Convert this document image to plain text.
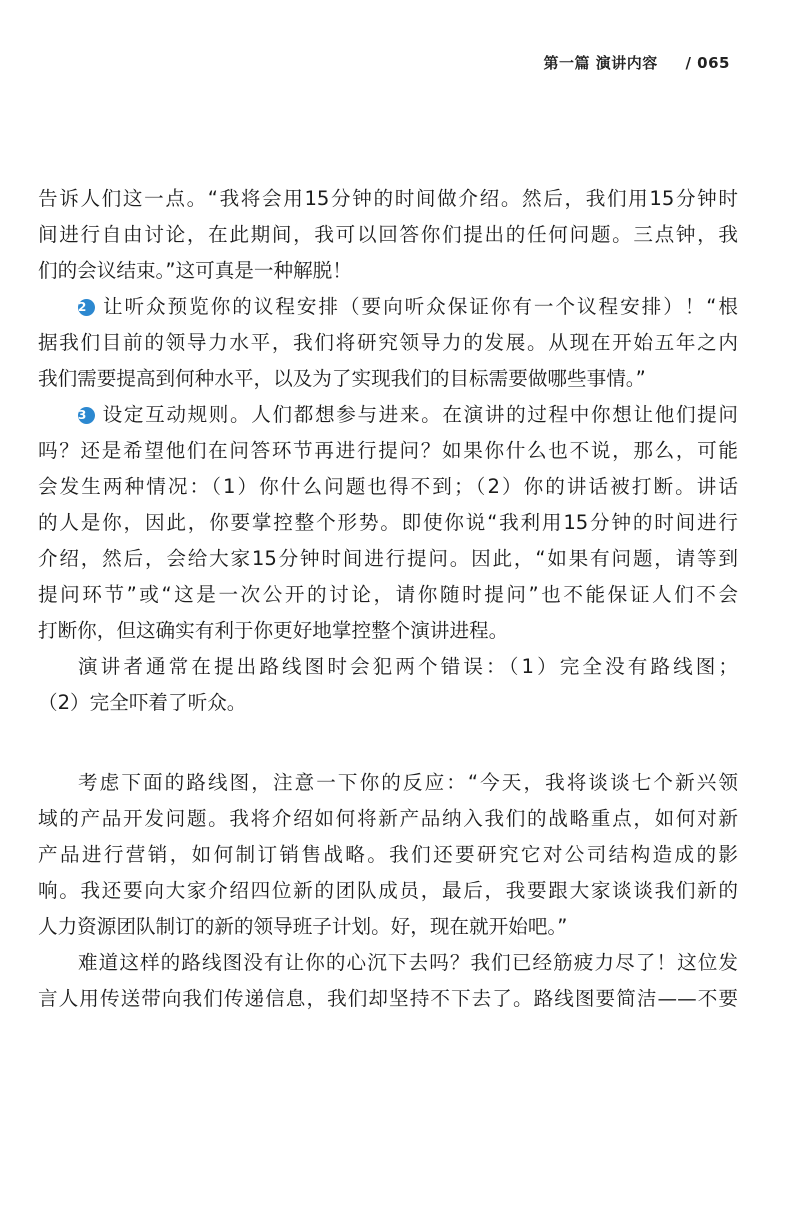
第一篇 演讲内容 / 065
告诉人们这一点。“我将会用15分钟的时间做介绍。然后，我们用15分钟时
间进行自由讨论，在此期间，我可以回答你们提出的任何问题。三点钟，我
们的会议结束。”这可真是一种解脱！
2 让听众预览你的议程安排（要向听众保证你有一个议程安排）！“根
据我们目前的领导力水平，我们将研究领导力的发展。从现在开始五年之内
我们需要提高到何种水平，以及为了实现我们的目标需要做哪些事情。”
3 设定互动规则。人们都想参与进来。在演讲的过程中你想让他们提问
吗？还是希望他们在问答环节再进行提问？如果你什么也不说，那么，可能
会发生两种情况：（1）你什么问题也得不到；（2）你的讲话被打断。讲话
的人是你，因此，你要掌控整个形势。即使你说“我利用15分钟的时间进行
介绍，然后，会给大家15分钟时间进行提问。因此，“如果有问题，请等到
提问环节”或“这是一次公开的讨论，请你随时提问”也不能保证人们不会
打断你，但这确实有利于你更好地掌控整个演讲进程。
演讲者通常在提出路线图时会犯两个错误：（1）完全没有路线图；
（2）完全吓着了听众。
考虑下面的路线图，注意一下你的反应：“今天，我将谈谈七个新兴领
域的产品开发问题。我将介绍如何将新产品纳入我们的战略重点，如何对新
产品进行营销，如何制订销售战略。我们还要研究它对公司结构造成的影
响。我还要向大家介绍四位新的团队成员，最后，我要跟大家谈谈我们新的
人力资源团队制订的新的领导班子计划。好，现在就开始吧。”
难道这样的路线图没有让你的心沉下去吗？我们已经筋疲力尽了！这位发
言人用传送带向我们传递信息，我们却坚持不下去了。路线图要简洁——不要
